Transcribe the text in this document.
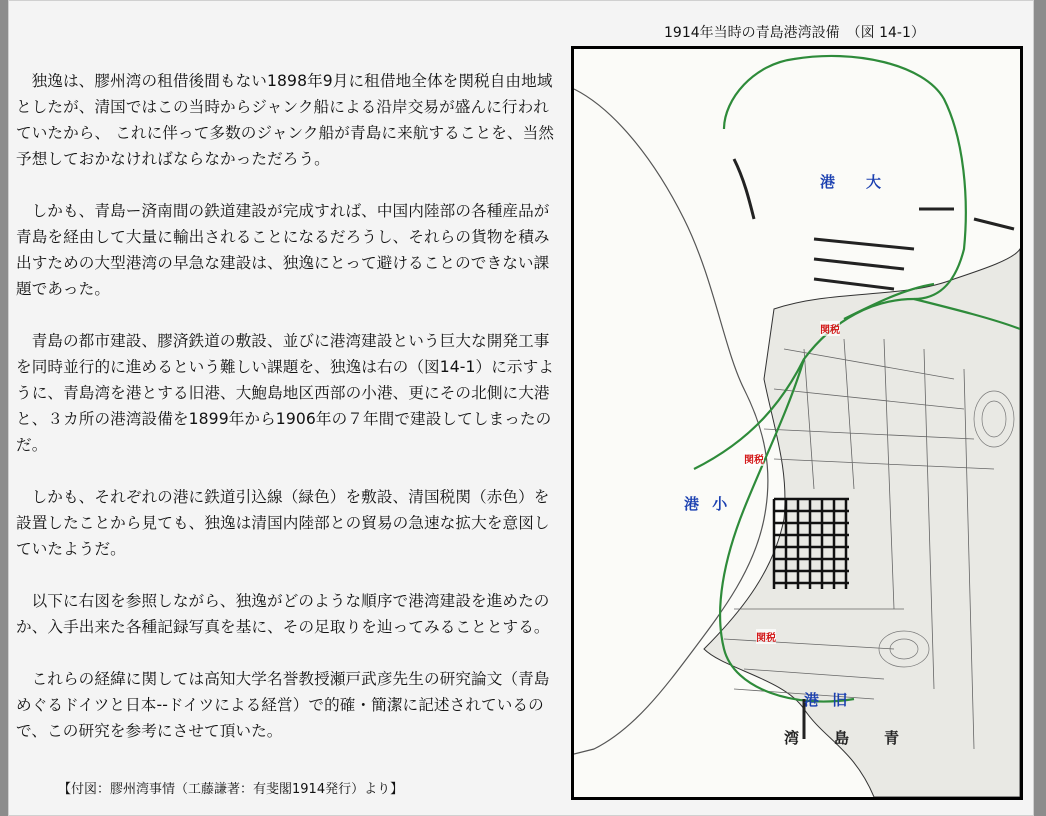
独逸は、膠州湾の租借後間もない1898年9月に租借地全体を関税自由地域としたが、清国ではこの当時からジャンク船による沿岸交易が盛んに行われていたから、 これに伴って多数のジャンク船が青島に来航することを、当然予想しておかなければならなかっただろう。

しかも、青島ー済南間の鉄道建設が完成すれば、中国内陸部の各種産品が青島を経由して大量に輸出されることになるだろうし、それらの貨物を積み出すための大型港湾の早急な建設は、独逸にとって避けることのできない課題であった。

青島の都市建設、膠済鉄道の敷設、並びに港湾建設という巨大な開発工事を同時並行的に進めるという難しい課題を、独逸は右の（図14-1）に示すように、青島湾を港とする旧港、大鮑島地区西部の小港、更にその北側に大港と、３カ所の港湾設備を1899年から1906年の７年間で建設してしまったのだ。

しかも、それぞれの港に鉄道引込線（緑色）を敷設、清国税関（赤色）を設置したことから見ても、独逸は清国内陸部との貿易の急速な拡大を意図していたようだ。

以下に右図を参照しながら、独逸がどのような順序で港湾建設を進めたのか、入手出来た各種記録写真を基に、その足取りを辿ってみることとする。

これらの経緯に関しては高知大学名誉教授瀬戸武彦先生の研究論文（青島めぐるドイツと日本--ドイツによる経営）で的確・簡潔に記述されているので、この研究を参考にさせて頂いた。

【付図：膠州湾事情（工藤謙著：有斐閣1914発行）より】
1914年当時の青島港湾設備　（図 14-1）
港　大
港 小
港 旧
湾　島　青
関税
関税
関税
